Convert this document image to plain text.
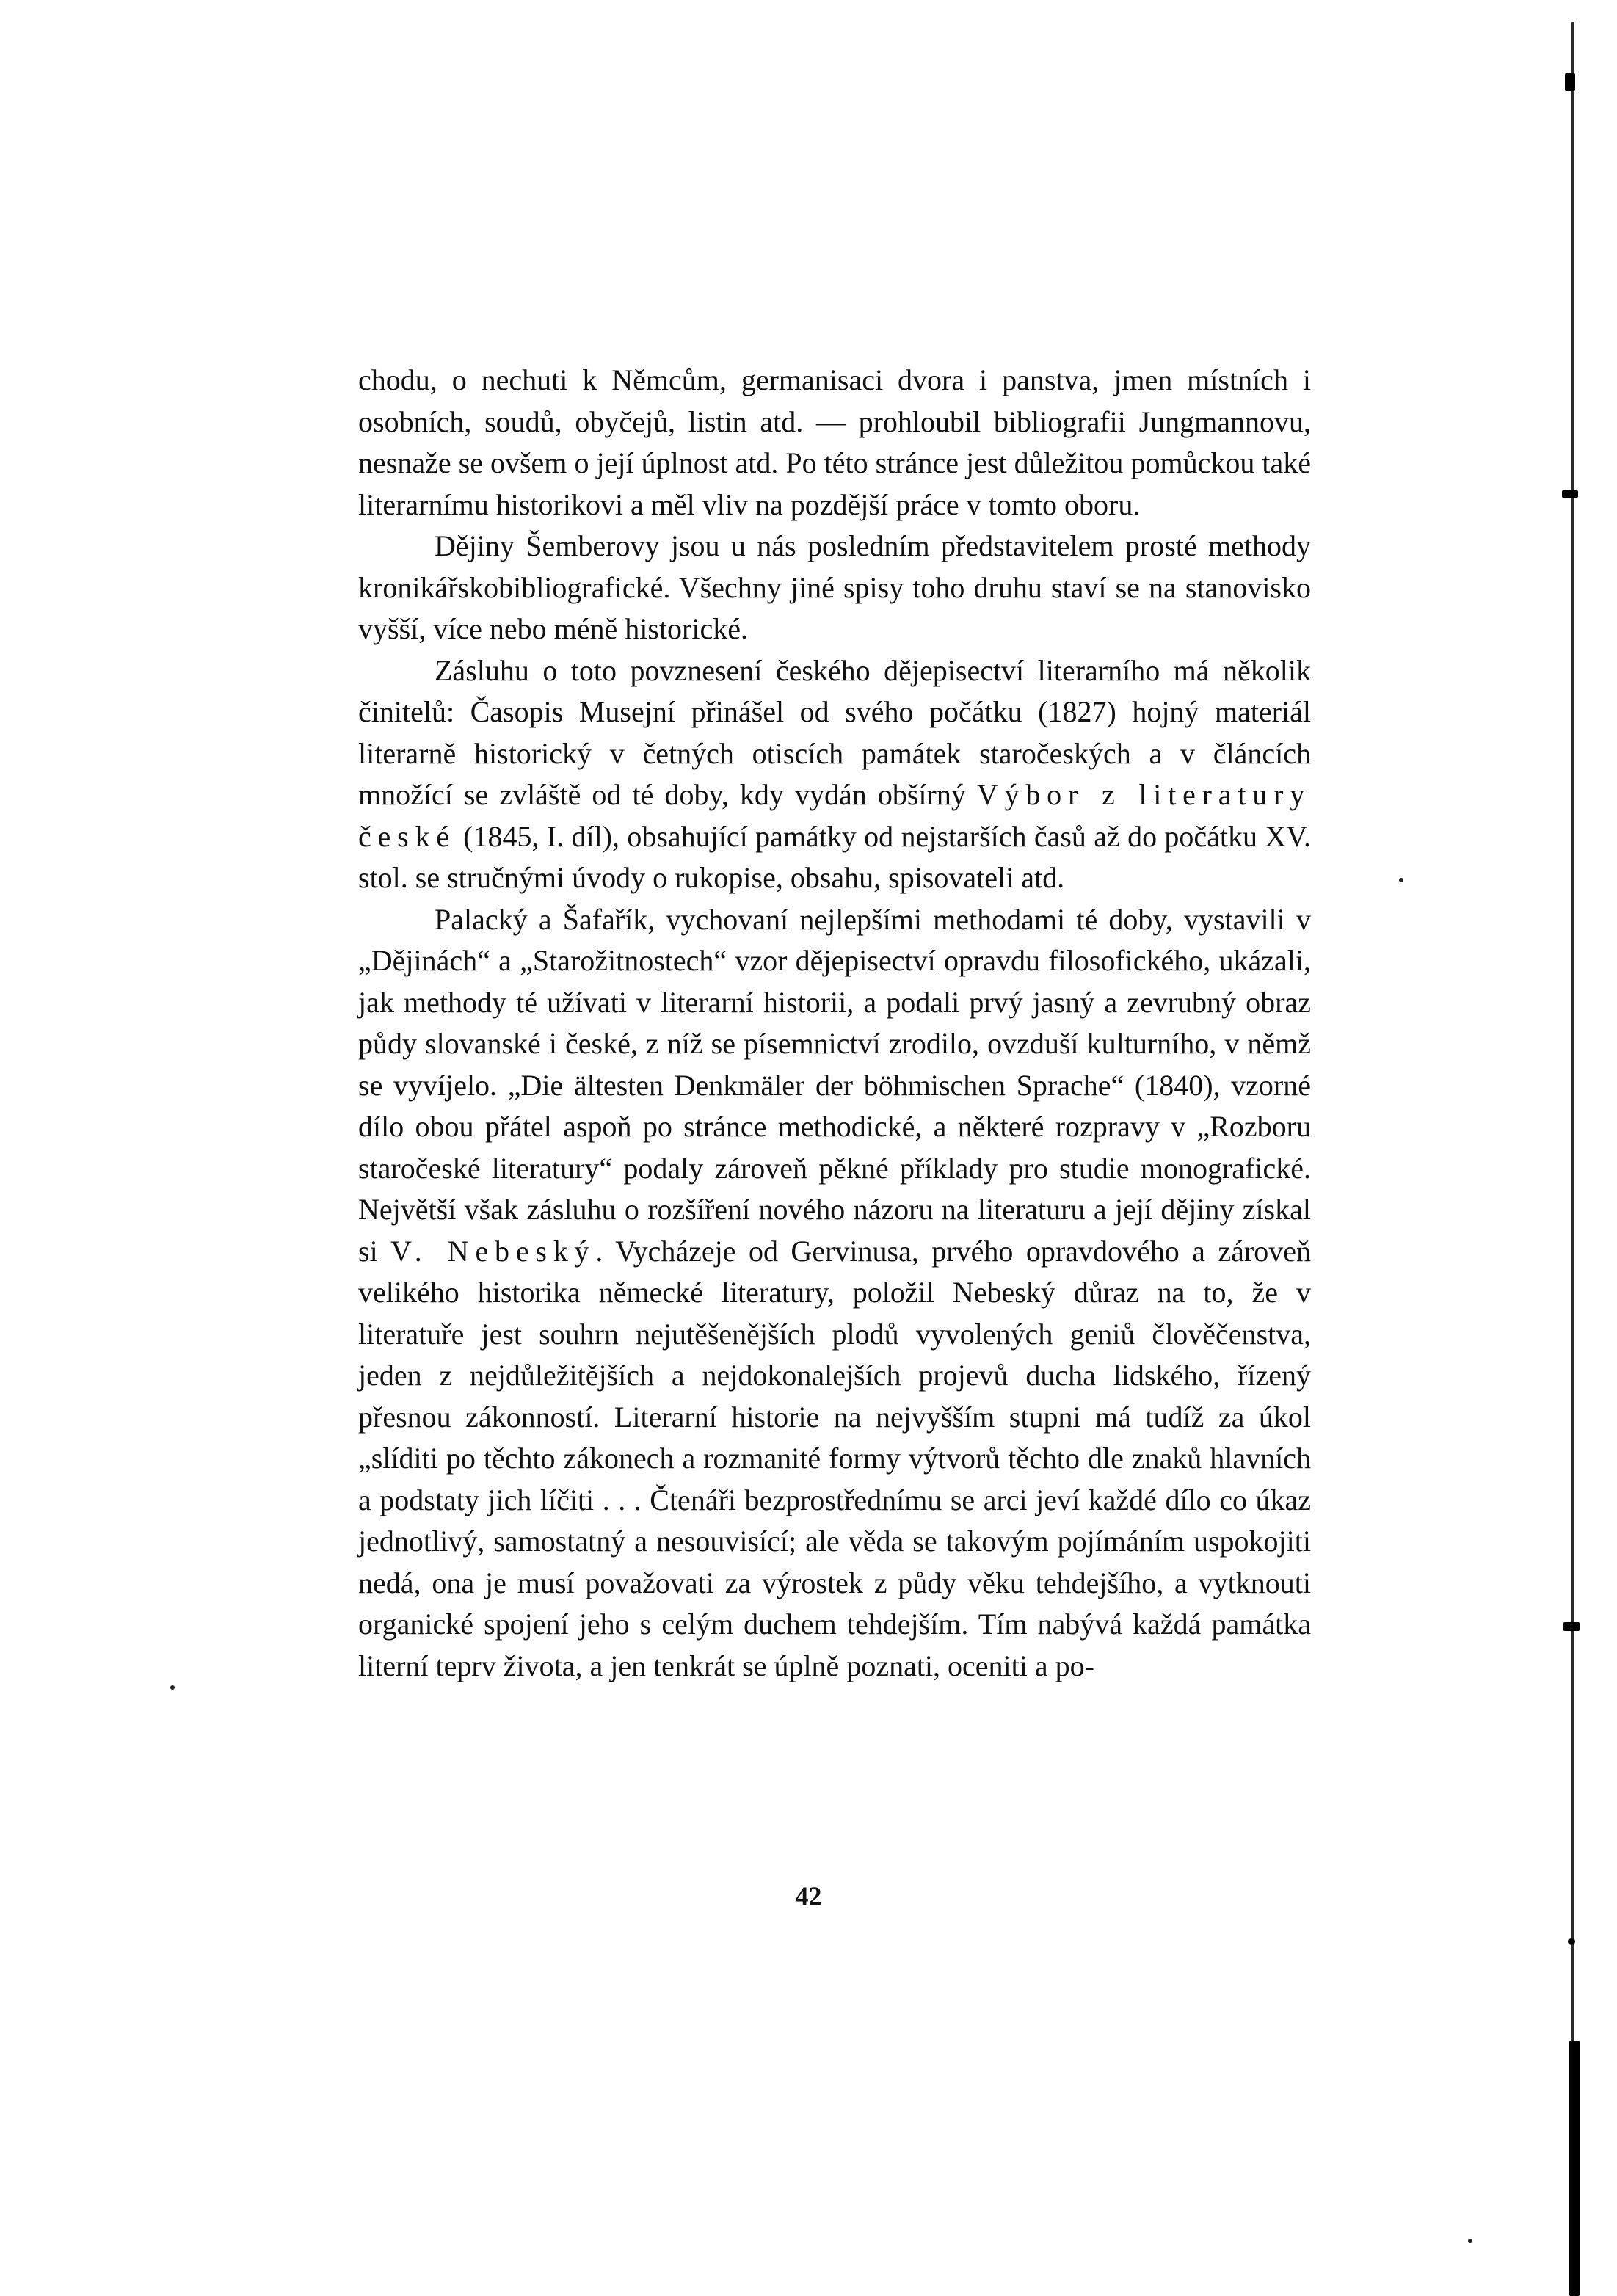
chodu, o nechuti k Němcům, germanisaci dvora i panstva, jmen místních i osobních, soudů, obyčejů, listin atd. — prohloubil bibliografii Jungmannovu, nesnaže se ovšem o její úplnost atd. Po této stránce jest důležitou pomůckou také literarnímu historikovi a měl vliv na pozdější práce v tomto oboru.

Dějiny Šemberovy jsou u nás posledním představitelem prosté methody kronikářskobibliografické. Všechny jiné spisy toho druhu staví se na stanovisko vyšší, více nebo méně historické.

Zásluhu o toto povznesení českého dějepisectví literarního má několik činitelů: Časopis Musejní přinášel od svého počátku (1827) hojný materiál literarně historický v četných otiscích památek staročeských a v článcích množící se zvláště od té doby, kdy vydán obšírný Výbor z literatury české (1845, I. díl), obsahující památky od nejstarších časů až do počátku XV. stol. se stručnými úvody o rukopise, obsahu, spisovateli atd.

Palacký a Šafařík, vychovaní nejlepšími methodami té doby, vystavili v „Dějinách“ a „Starožitnostech“ vzor dějepisectví opravdu filosofického, ukázali, jak methody té užívati v literarní historii, a podali prvý jasný a zevrubný obraz půdy slovanské i české, z níž se písemnictví zrodilo, ovzduší kulturního, v němž se vyvíjelo. „Die ältesten Denkmäler der böhmischen Sprache“ (1840), vzorné dílo obou přátel aspoň po stránce methodické, a některé rozpravy v „Rozboru staročeské literatury“ podaly zároveň pěkné příklady pro studie monografické. Největší však zásluhu o rozšíření nového názoru na literaturu a její dějiny získal si V. Nebeský. Vycházeje od Gervinusa, prvého opravdového a zároveň velikého historika německé literatury, položil Nebeský důraz na to, že v literatuře jest souhrn nejutěšenějších plodů vyvolených geniů člověčenstva, jeden z nejdůležitějších a nejdokonalejších projevů ducha lidského, řízený přesnou zákonností. Literarní historie na nejvyšším stupni má tudíž za úkol „slíditi po těchto zákonech a rozmanité formy výtvorů těchto dle znaků hlavních a podstaty jich líčiti . . . Čtenáři bezprostřednímu se arci jeví každé dílo co úkaz jednotlivý, samostatný a nesouvisící; ale věda se takovým pojímáním uspokojiti nedá, ona je musí považovati za výrostek z půdy věku tehdejšího, a vytknouti organické spojení jeho s celým duchem tehdejším. Tím nabývá každá památka literní teprv života, a jen tenkrát se úplně poznati, oceniti a po-

42
